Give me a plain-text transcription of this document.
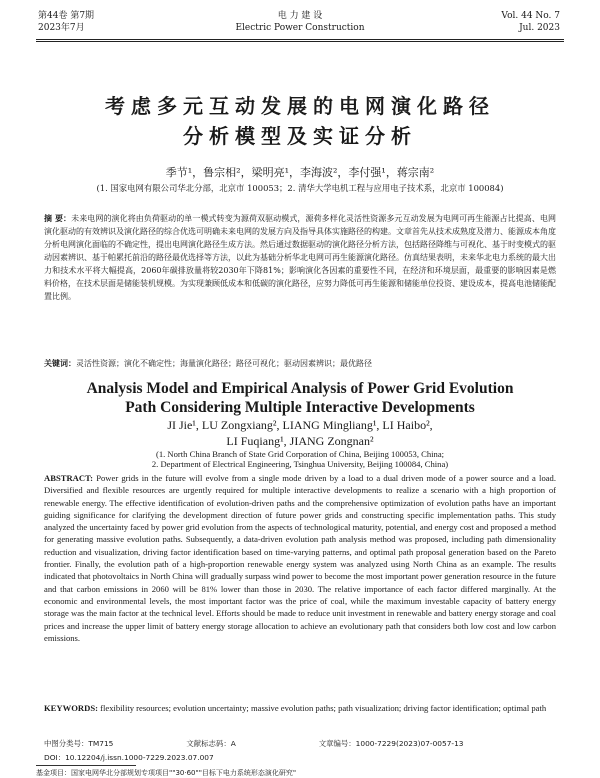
第44卷 第7期
2023年7月
电 力 建 设
Electric Power Construction
Vol. 44 No. 7
Jul. 2023
考虑多元互动发展的电网演化路径
分析模型及实证分析
季节¹，鲁宗相²，梁明亮¹，李海波²，李付强¹，蒋宗南²
(1. 国家电网有限公司华北分部，北京市 100053；2. 清华大学电机工程与应用电子技术系，北京市 100084)
摘 要：未来电网的演化将由负荷驱动的单一模式转变为源荷双驱动模式，源荷多样化灵活性资源多元互动发展为电网可再生能源占比提高、电网演化驱动的有效辨识及演化路径的综合优选可明确未来电网的发展方向及指导具体实施路径的构建。文章首先从技术成熟度及潜力、能源成本角度分析电网演化面临的不确定性，提出电网演化路径生成方法。然后通过数据驱动的演化路径分析方法，包括路径降维与可视化、基于时变模式的驱动因素辨识、基于帕累托前沿的路径最优选择等方法，以此为基础分析华北电网可再生能源演化路径。仿真结果表明，未来华北电力系统的最大出力和技术水平将大幅提高，2060年碳排放量将较2030年下降81%；影响演化各因素的重要性不同，在经济和环境层面，最重要的影响因素是燃料价格，在技术层面是储能装机规模。为实现兼顾低成本和低碳的演化路径，应努力降低可再生能源和储能单位投资、建设成本，提高电池储能配置比例。
关键词：灵活性资源；演化不确定性；海量演化路径；路径可视化；驱动因素辨识；最优路径
Analysis Model and Empirical Analysis of Power Grid Evolution
Path Considering Multiple Interactive Developments
JI Jie¹, LU Zongxiang², LIANG Mingliang¹, LI Haibo²,
LI Fuqiang¹, JIANG Zongnan²
(1. North China Branch of State Grid Corporation of China, Beijing 100053, China;
2. Department of Electrical Engineering, Tsinghua University, Beijing 100084, China)
ABSTRACT: Power grids in the future will evolve from a single mode driven by a load to a dual driven mode of a power source and a load. Diversified and flexible resources are urgently required for multiple interactive developments to realize a scenario with a high proportion of renewable energy. The effective identification of evolution-driven paths and the comprehensive optimization of evolution paths have an important guiding significance for clarifying the development direction of future power grids and constructing specific implementation paths. This study analyzed the uncertainty faced by power grid evolution from the aspects of technological maturity, potential, and energy cost and proposed a method for generating massive evolution paths. Subsequently, a data-driven evolution path analysis method was proposed, including path dimensionality reduction and visualization, driving factor identification based on time-varying patterns, and optimal path proposal generation based on the Pareto frontier. Finally, the evolution path of a high-proportion renewable energy system was analyzed using North China as an example. The results indicated that photovoltaics in North China will gradually surpass wind power to become the most important power generation resource in the future and that carbon emissions in 2060 will be 81% lower than those in 2030. The relative importance of each factor differed marginally. At the economic and environmental levels, the most important factor was the price of coal, while the maximum investable capacity of battery energy storage was the main factor at the technical level. Efforts should be made to reduce unit investment in renewable and battery energy storage and coal prices and increase the upper limit of battery energy storage allocation to achieve an evolutionary path that considers both low cost and low carbon emissions.
KEYWORDS: flexibility resources; evolution uncertainty; massive evolution paths; path visualization; driving factor identification; optimal path
中图分类号：TM715	文献标志码：A	文章编号：1000-7229(2023)07-0057-13
DOI：10.12204/j.issn.1000-7229.2023.07.007
基金项目：国家电网华北分部规划专项项目""30·60""目标下电力系统形态演化研究"
